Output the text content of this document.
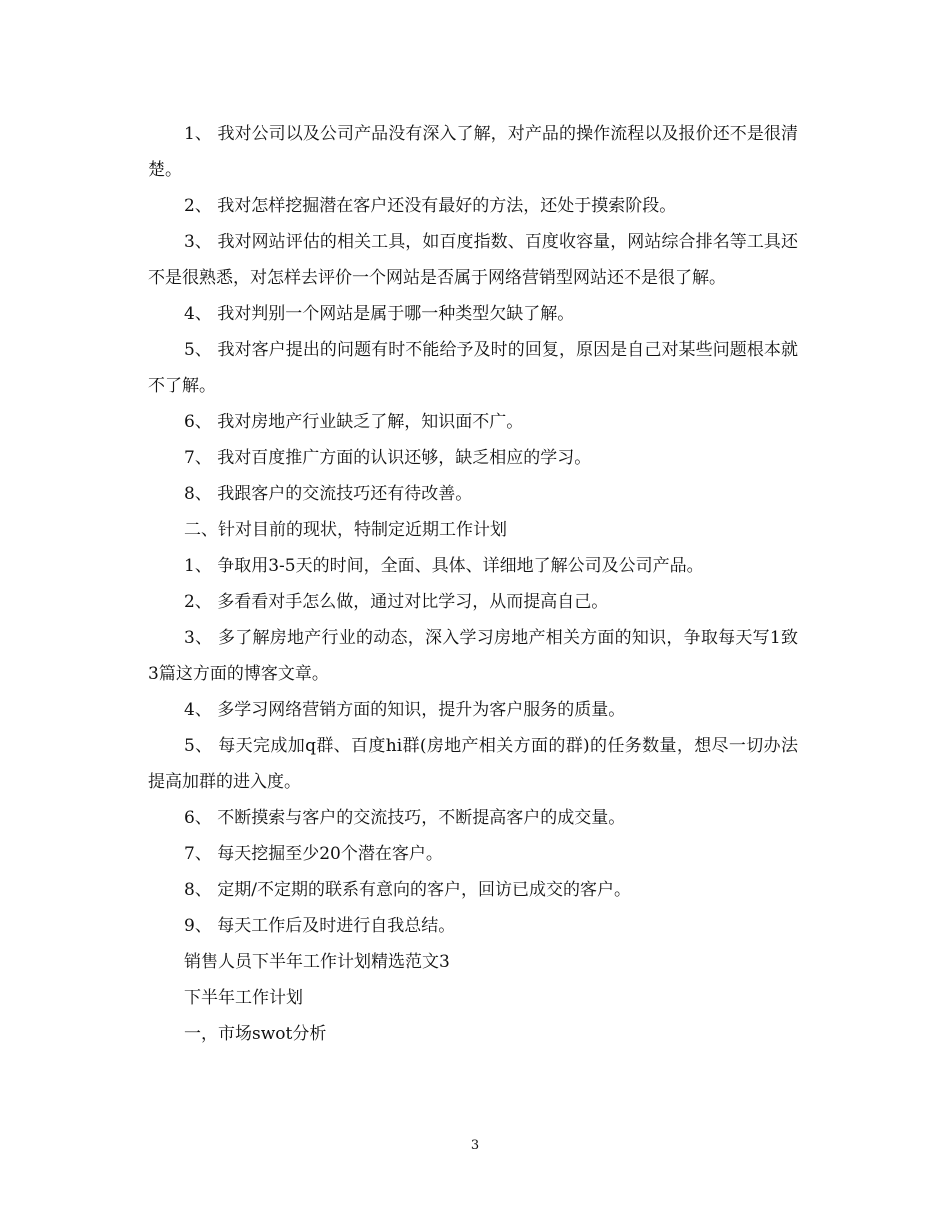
1、 我对公司以及公司产品没有深入了解，对产品的操作流程以及报价还不是很清楚。

2、 我对怎样挖掘潜在客户还没有最好的方法，还处于摸索阶段。

3、 我对网站评估的相关工具，如百度指数、百度收容量，网站综合排名等工具还不是很熟悉，对怎样去评价一个网站是否属于网络营销型网站还不是很了解。

4、 我对判别一个网站是属于哪一种类型欠缺了解。

5、 我对客户提出的问题有时不能给予及时的回复，原因是自己对某些问题根本就不了解。

6、 我对房地产行业缺乏了解，知识面不广。

7、 我对百度推广方面的认识还够，缺乏相应的学习。

8、 我跟客户的交流技巧还有待改善。

二、针对目前的现状，特制定近期工作计划

1、 争取用3-5天的时间，全面、具体、详细地了解公司及公司产品。

2、 多看看对手怎么做，通过对比学习，从而提高自己。

3、 多了解房地产行业的动态，深入学习房地产相关方面的知识，争取每天写1致3篇这方面的博客文章。

4、 多学习网络营销方面的知识，提升为客户服务的质量。

5、 每天完成加q群、百度hi群(房地产相关方面的群)的任务数量，想尽一切办法提高加群的进入度。

6、 不断摸索与客户的交流技巧，不断提高客户的成交量。

7、 每天挖掘至少20个潜在客户。

8、 定期/不定期的联系有意向的客户，回访已成交的客户。

9、 每天工作后及时进行自我总结。

销售人员下半年工作计划精选范文3

下半年工作计划

一，市场swot分析

3
